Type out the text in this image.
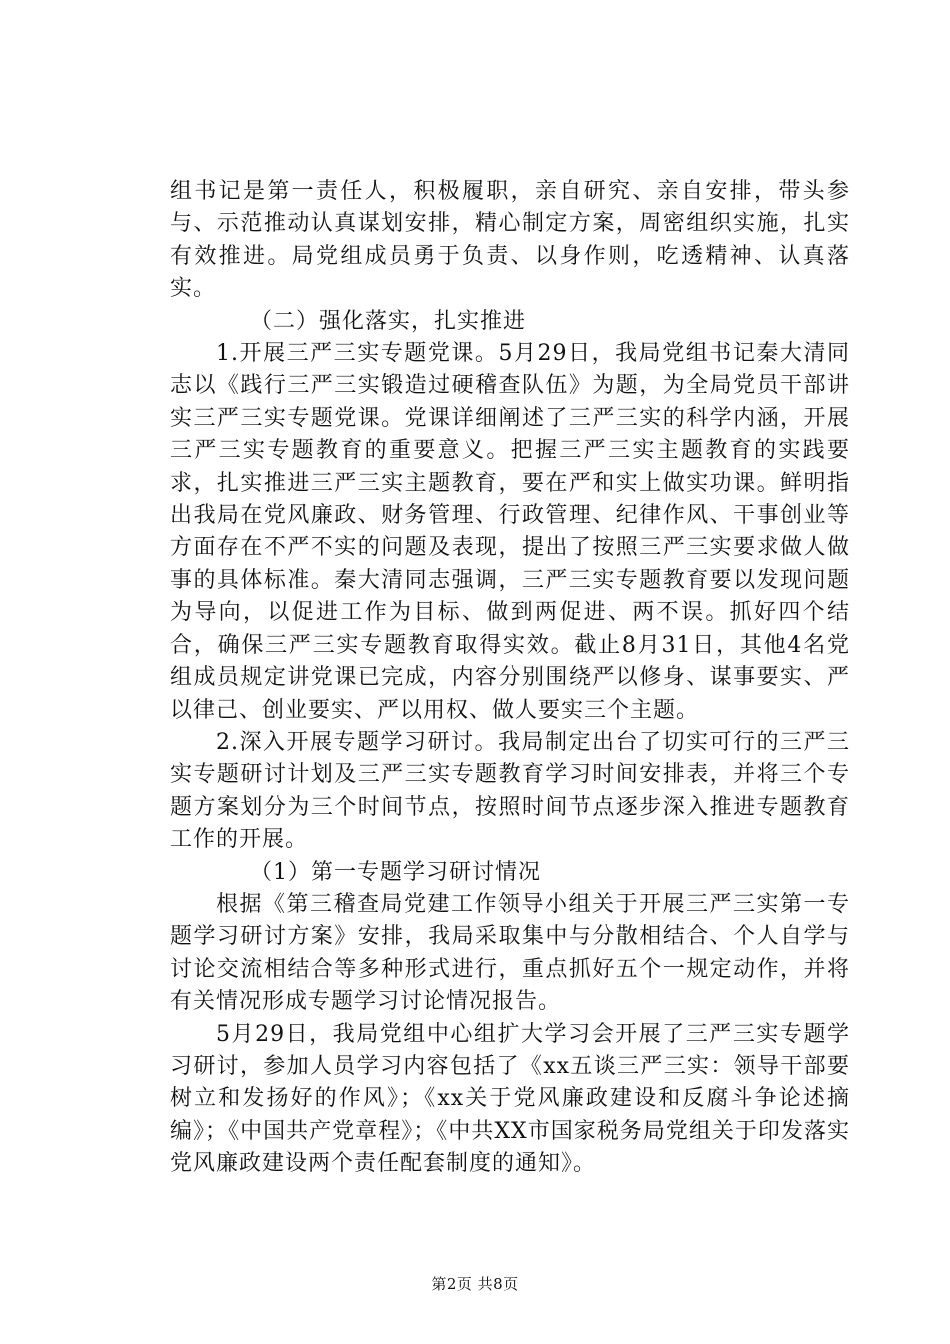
组书记是第一责任人，积极履职，亲自研究、亲自安排，带头参与、示范推动认真谋划安排，精心制定方案，周密组织实施，扎实有效推进。局党组成员勇于负责、以身作则，吃透精神、认真落实。

（二）强化落实，扎实推进

1.开展三严三实专题党课。5月29日，我局党组书记秦大清同志以《践行三严三实锻造过硬稽查队伍》为题，为全局党员干部讲实三严三实专题党课。党课详细阐述了三严三实的科学内涵，开展三严三实专题教育的重要意义。把握三严三实主题教育的实践要求，扎实推进三严三实主题教育，要在严和实上做实功课。鲜明指出我局在党风廉政、财务管理、行政管理、纪律作风、干事创业等方面存在不严不实的问题及表现，提出了按照三严三实要求做人做事的具体标准。秦大清同志强调，三严三实专题教育要以发现问题为导向，以促进工作为目标、做到两促进、两不误。抓好四个结合，确保三严三实专题教育取得实效。截止8月31日，其他4名党组成员规定讲党课已完成，内容分别围绕严以修身、谋事要实、严以律己、创业要实、严以用权、做人要实三个主题。

2.深入开展专题学习研讨。我局制定出台了切实可行的三严三实专题研讨计划及三严三实专题教育学习时间安排表，并将三个专题方案划分为三个时间节点，按照时间节点逐步深入推进专题教育工作的开展。

（1）第一专题学习研讨情况

根据《第三稽查局党建工作领导小组关于开展三严三实第一专题学习研讨方案》安排，我局采取集中与分散相结合、个人自学与讨论交流相结合等多种形式进行，重点抓好五个一规定动作，并将有关情况形成专题学习讨论情况报告。

5月29日，我局党组中心组扩大学习会开展了三严三实专题学习研讨，参加人员学习内容包括了《xx五谈三严三实：领导干部要树立和发扬好的作风》；《xx关于党风廉政建设和反腐斗争论述摘编》；《中国共产党章程》；《中共XX市国家税务局党组关于印发落实党风廉政建设两个责任配套制度的通知》。

第2页 共8页
